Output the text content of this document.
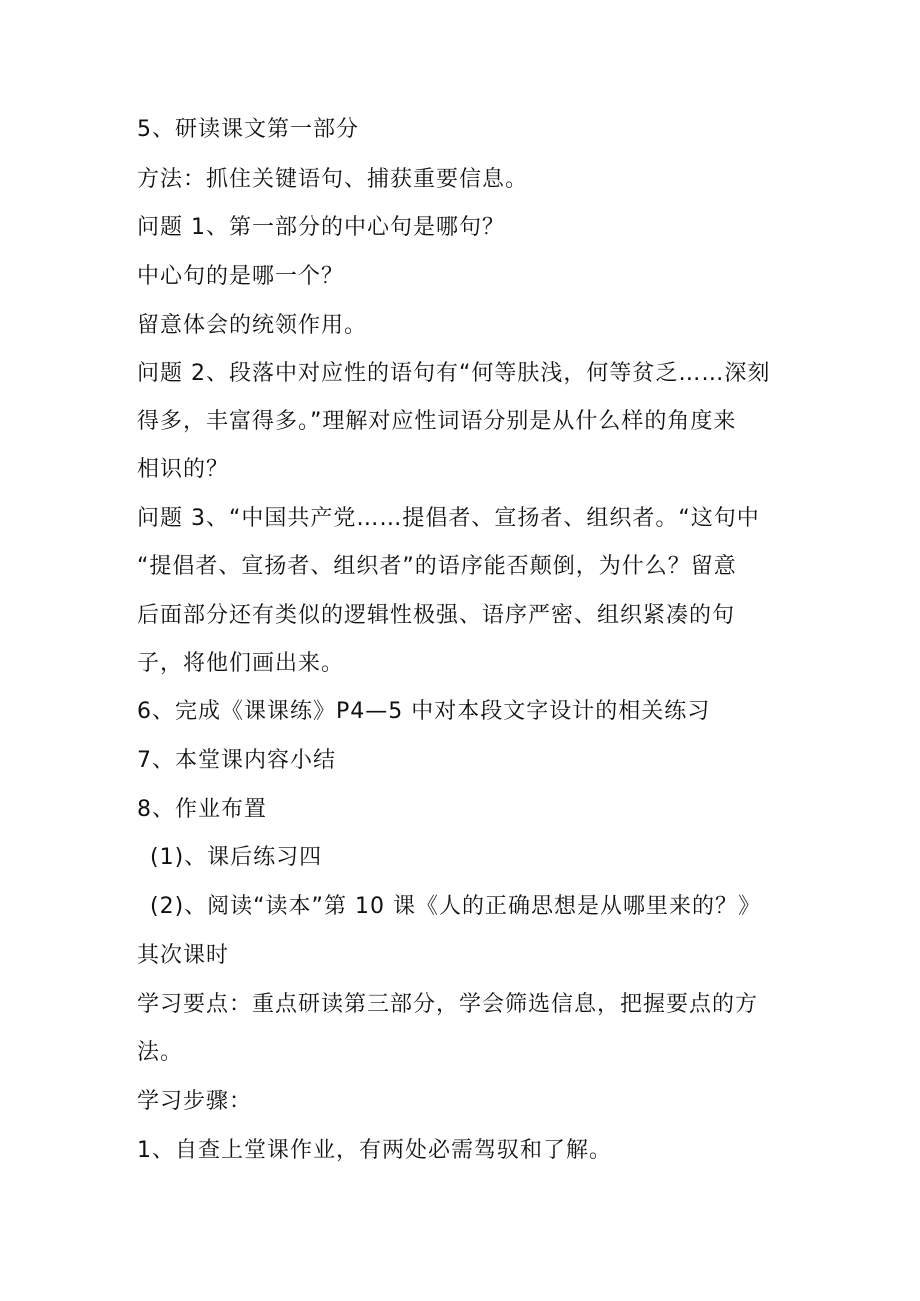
5、研读课文第一部分
方法：抓住关键语句、捕获重要信息。
问题 1、第一部分的中心句是哪句？
中心句的是哪一个？
留意体会的统领作用。
问题 2、段落中对应性的语句有“何等肤浅，何等贫乏……深刻
得多，丰富得多。”理解对应性词语分别是从什么样的角度来
相识的？
问题 3、“中国共产党……提倡者、宣扬者、组织者。“这句中
“提倡者、宣扬者、组织者”的语序能否颠倒，为什么？留意
后面部分还有类似的逻辑性极强、语序严密、组织紧凑的句
子，将他们画出来。
6、完成《课课练》P4—5 中对本段文字设计的相关练习
7、本堂课内容小结
8、作业布置
(1)、课后练习四
(2)、阅读“读本”第 10 课《人的正确思想是从哪里来的？》
其次课时
学习要点：重点研读第三部分，学会筛选信息，把握要点的方
法。
学习步骤：
1、自查上堂课作业，有两处必需驾驭和了解。
